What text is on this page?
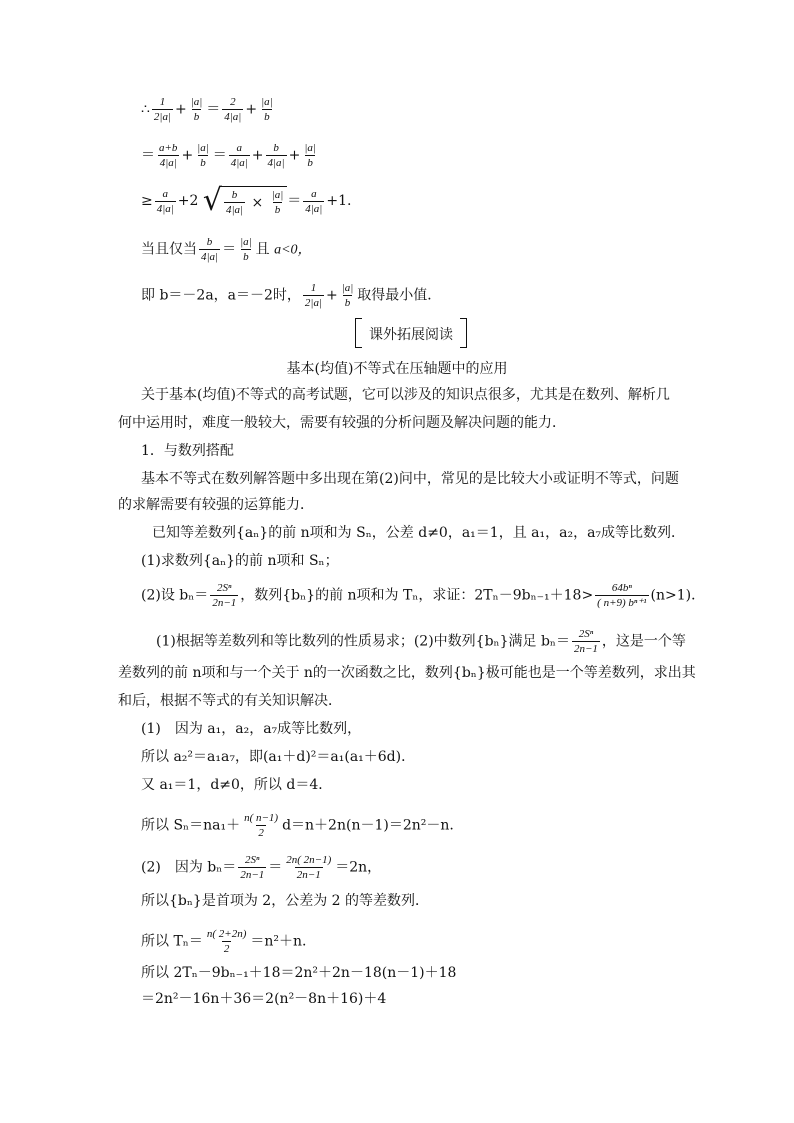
∴ $\frac{1}{2|a|} + \frac{|a|}{b} = \frac{2}{4|a|} + \frac{|a|}{b}$
＝ $\frac{a+b}{4|a|} + \frac{|a|}{b} = \frac{a}{4|a|} + \frac{b}{4|a|} + \frac{|a|}{b}$
≥ $\frac{a}{4|a|} +2$ √ $\frac{b}{4|a|}$
×
$\frac{|a|}{b} = \frac{a}{4|a|} +1$.
当且仅当 $\frac{b}{4|a|} = \frac{|a|}{b}$ 且 a<0，
即 b＝－2a，a＝－2时， $\frac{1}{2|a|} + \frac{|a|}{b}$ 取得最小值．
课外拓展阅读
基本(均值)不等式在压轴题中的应用
关于基本(均值)不等式的高考试题，它可以涉及的知识点很多，尤其是在数列、解析几
何中运用时，难度一般较大，需要有较强的分析问题及解决问题的能力．
1．与数列搭配
基本不等式在数列解答题中多出现在第(2)问中，常见的是比较大小或证明不等式，问题
的求解需要有较强的运算能力．
已知等差数列{aₙ}的前 n项和为 Sₙ，公差 d≠0，a₁＝1，且 a₁，a₂，a₇成等比数列．
(1)求数列{aₙ}的前 n项和 Sₙ；
(2)设 $b_n= \frac{\text{2Sⁿ}}{2n-1}$ ，数列{bₙ}的前 n项和为 Tₙ，求证：$2T_n-9b_{n-1}+18> \frac{\text{64bⁿ}}{\text{( n+9) bⁿ⁺¹}} (n>1)$．
(1)根据等差数列和等比数列的性质易求；(2)中数列{bₙ}满足 $b_n= \frac{\text{2Sⁿ}}{2n-1}$ ，这是一个等
差数列的前 n项和与一个关于 n的一次函数之比，数列{bₙ}极可能也是一个等差数列，求出其
和后，根据不等式的有关知识解决．
(1)　因为 a₁，a₂，a₇成等比数列，
所以 a₂²＝a₁a₇，即(a₁＋d)²＝a₁(a₁＋6d)．
又 a₁＝1，d≠0，所以 d＝4．
所以 $S_n=na_1+ \frac{n( n-1)}{2} d=n+2n(n-1)=2n^2-n$.
(2)　因为 $b_n= \frac{\text{2Sⁿ}}{2n-1} = \frac{2n( 2n-1)}{2n-1} =2n$，
所以{bₙ}是首项为 2，公差为 2 的等差数列．
所以 $T_n= \frac{n( 2+2n)}{2} =n^2+n$.
所以 2Tₙ－9bₙ₋₁＋18＝2n²＋2n－18(n－1)＋18
＝2n²－16n＋36＝2(n²－8n＋16)＋4
